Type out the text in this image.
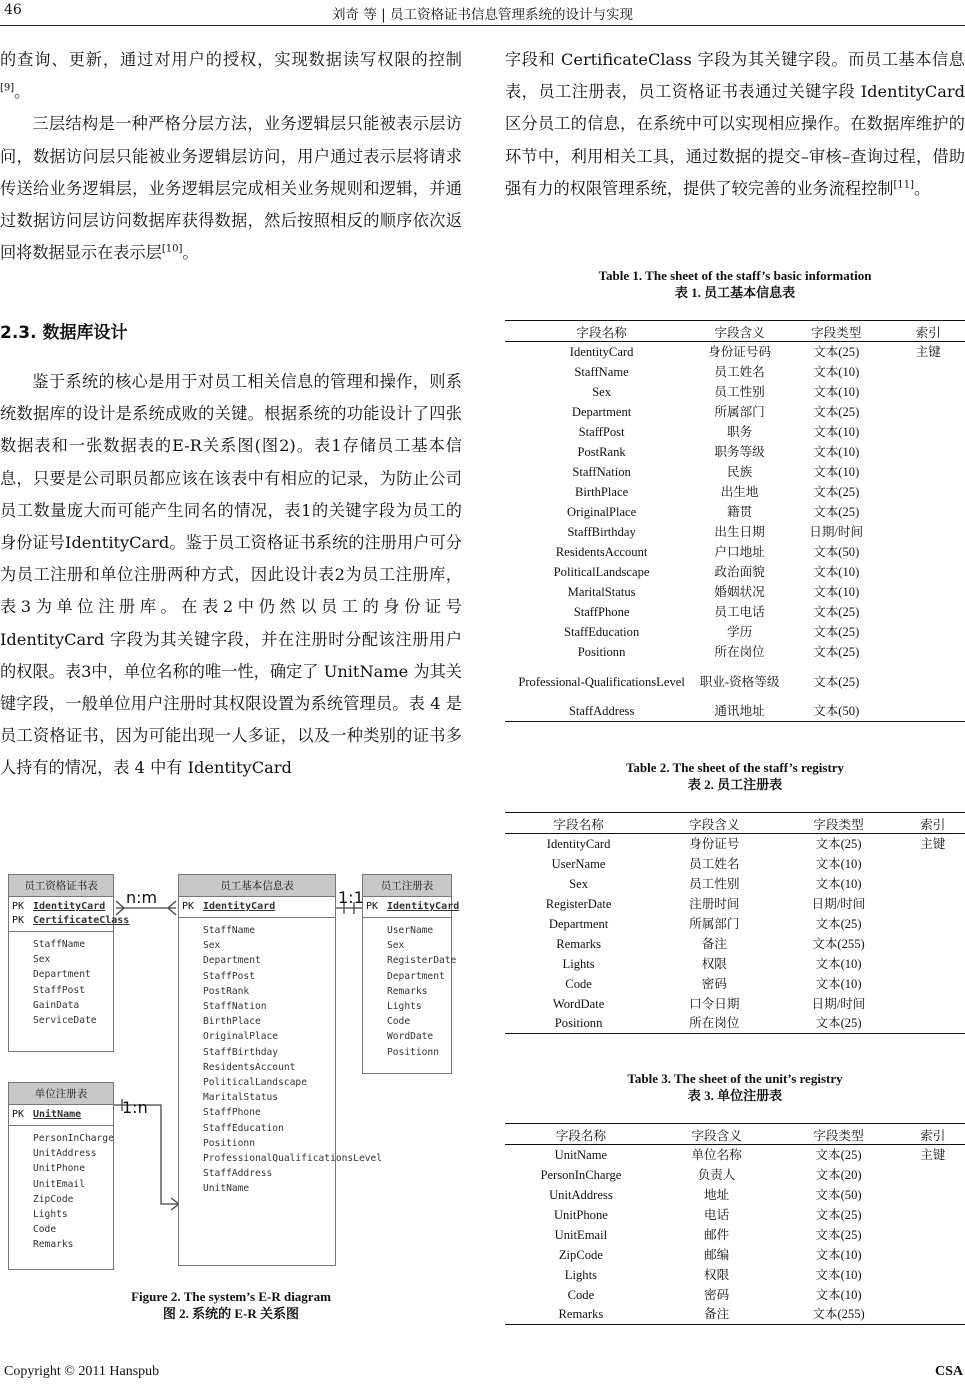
46	刘奇 等 | 员工资格证书信息管理系统的设计与实现

的查询、更新，通过对用户的授权，实现数据读写权限的控制[9]。

三层结构是一种严格分层方法，业务逻辑层只能被表示层访问，数据访问层只能被业务逻辑层访问，用户通过表示层将请求传送给业务逻辑层，业务逻辑层完成相关业务规则和逻辑，并通过数据访问层访问数据库获得数据，然后按照相反的顺序依次返回将数据显示在表示层[10]。

2.3. 数据库设计

鉴于系统的核心是用于对员工相关信息的管理和操作，则系统数据库的设计是系统成败的关键。根据系统的功能设计了四张数据表和一张数据表的E-R关系图(图2)。表1存储员工基本信息，只要是公司职员都应该在该表中有相应的记录，为防止公司员工数量庞大而可能产生同名的情况，表1的关键字段为员工的身份证号IdentityCard。鉴于员工资格证书系统的注册用户可分为员工注册和单位注册两种方式，因此设计表2为员工注册库，表3为单位注册库。在表2中仍然以员工的身份证号 IdentityCard 字段为其关键字段，并在注册时分配该注册用户的权限。表3中，单位名称的唯一性，确定了 UnitName 为其关键字段，一般单位用户注册时其权限设置为系统管理员。表 4 是员工资格证书，因为可能出现一人多证，以及一种类别的证书多人持有的情况，表 4 中有 IdentityCard

字段和 CertificateClass 字段为其关键字段。而员工基本信息表，员工注册表，员工资格证书表通过关键字段 IdentityCard 区分员工的信息，在系统中可以实现相应操作。在数据库维护的环节中，利用相关工具，通过数据的提交–审核–查询过程，借助强有力的权限管理系统，提供了较完善的业务流程控制[11]。

Table 1. The sheet of the staff’s basic information
表 1. 员工基本信息表
字段名称	字段含义	字段类型	索引
IdentityCard	身份证号码	文本(25)	主键
StaffName	员工姓名	文本(10)	
Sex	员工性别	文本(10)	
Department	所属部门	文本(25)	
StaffPost	职务	文本(10)	
PostRank	职务等级	文本(10)	
StaffNation	民族	文本(10)	
BirthPlace	出生地	文本(25)	
OriginalPlace	籍贯	文本(25)	
StaffBirthday	出生日期	日期/时间	
ResidentsAccount	户口地址	文本(50)	
PoliticalLandscape	政治面貌	文本(10)	
MaritalStatus	婚姻状况	文本(10)	
StaffPhone	员工电话	文本(25)	
StaffEducation	学历	文本(25)	
Positionn	所在岗位	文本(25)	
Professional-QualificationsLevel	职业-资格等级	文本(25)	
StaffAddress	通讯地址	文本(50)	
Table 2. The sheet of the staff’s registry
表 2. 员工注册表
字段名称	字段含义	字段类型	索引
IdentityCard	身份证号	文本(25)	主键
UserName	员工姓名	文本(10)	
Sex	员工性别	文本(10)	
RegisterDate	注册时间	日期/时间	
Department	所属部门	文本(25)	
Remarks	备注	文本(255)	
Lights	权限	文本(10)	
Code	密码	文本(10)	
WordDate	口令日期	日期/时间	
Positionn	所在岗位	文本(25)	
Table 3. The sheet of the unit’s registry
表 3. 单位注册表
字段名称	字段含义	字段类型	索引
UnitName	单位名称	文本(25)	主键
PersonInCharge	负责人	文本(20)	
UnitAddress	地址	文本(50)	
UnitPhone	电话	文本(25)	
UnitEmail	邮件	文本(25)	
ZipCode	邮编	文本(10)	
Lights	权限	文本(10)	
Code	密码	文本(10)	
Remarks	备注	文本(255)	
员工资格证书表
PK IdentityCard
PK CertificateClass
StaffName
Sex
Department
StaffPost
GainData
ServiceDate
员工基本信息表
PK IdentityCard
StaffName
Sex
Department
StaffPost
PostRank
StaffNation
BirthPlace
OriginalPlace
StaffBirthday
ResidentsAccount
PoliticalLandscape
MaritalStatus
StaffPhone
StaffEducation
Positionn
ProfessionalQualificationsLevel
StaffAddress
UnitName
员工注册表
PK IdentityCard
UserName
Sex
RegisterDate
Department
Remarks
Lights
Code
WordDate
Positionn
单位注册表
PK UnitName
PersonInCharge
UnitAddress
UnitPhone
UnitEmail
ZipCode
Lights
Code
Remarks
n:m	1:1
1:n
Figure 2. The system’s E-R diagram
图 2. 系统的 E-R 关系图
Copyright © 2011 Hanspub	CSA
